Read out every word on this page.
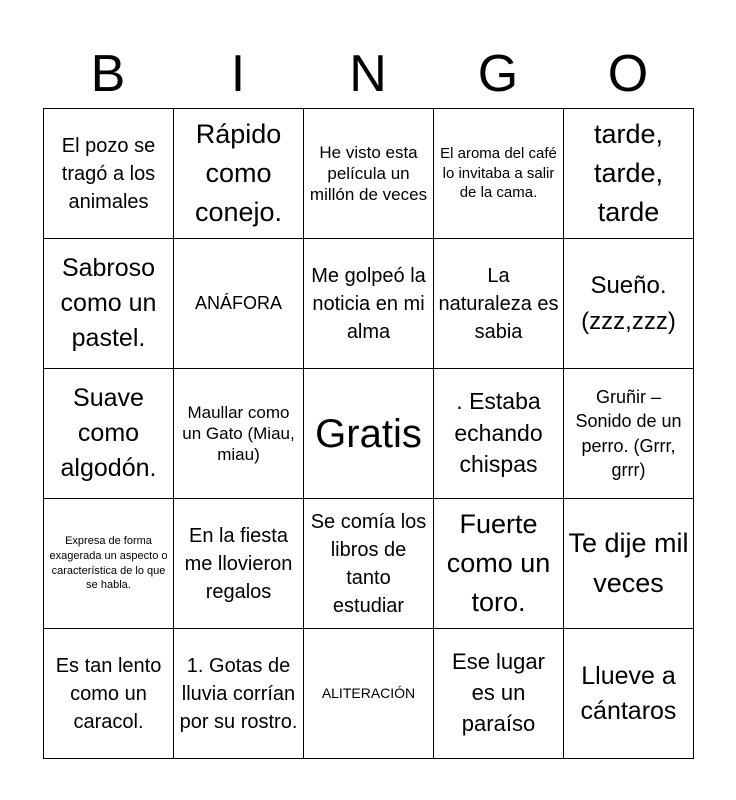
B	I	N	G	O
El pozo se tragó a los animales	Rápido como conejo.	He visto esta película un millón de veces	El aroma del café lo invitaba a salir de la cama.	tarde, tarde, tarde
Sabroso como un pastel.	ANÁFORA	Me golpeó la noticia en mi alma	La naturaleza es sabia	Sueño. (zzz,zzz)
Suave como algodón.	Maullar como un Gato (Miau, miau)	Gratis	. Estaba echando chispas	Gruñir – Sonido de un perro. (Grrr, grrr)
Expresa de forma exagerada un aspecto o característica de lo que se habla.	En la fiesta me llovieron regalos	Se comía los libros de tanto estudiar	Fuerte como un toro.	Te dije mil veces
Es tan lento como un caracol.	1. Gotas de lluvia corrían por su rostro.	ALITERACIÓN	Ese lugar es un paraíso	Llueve a cántaros
